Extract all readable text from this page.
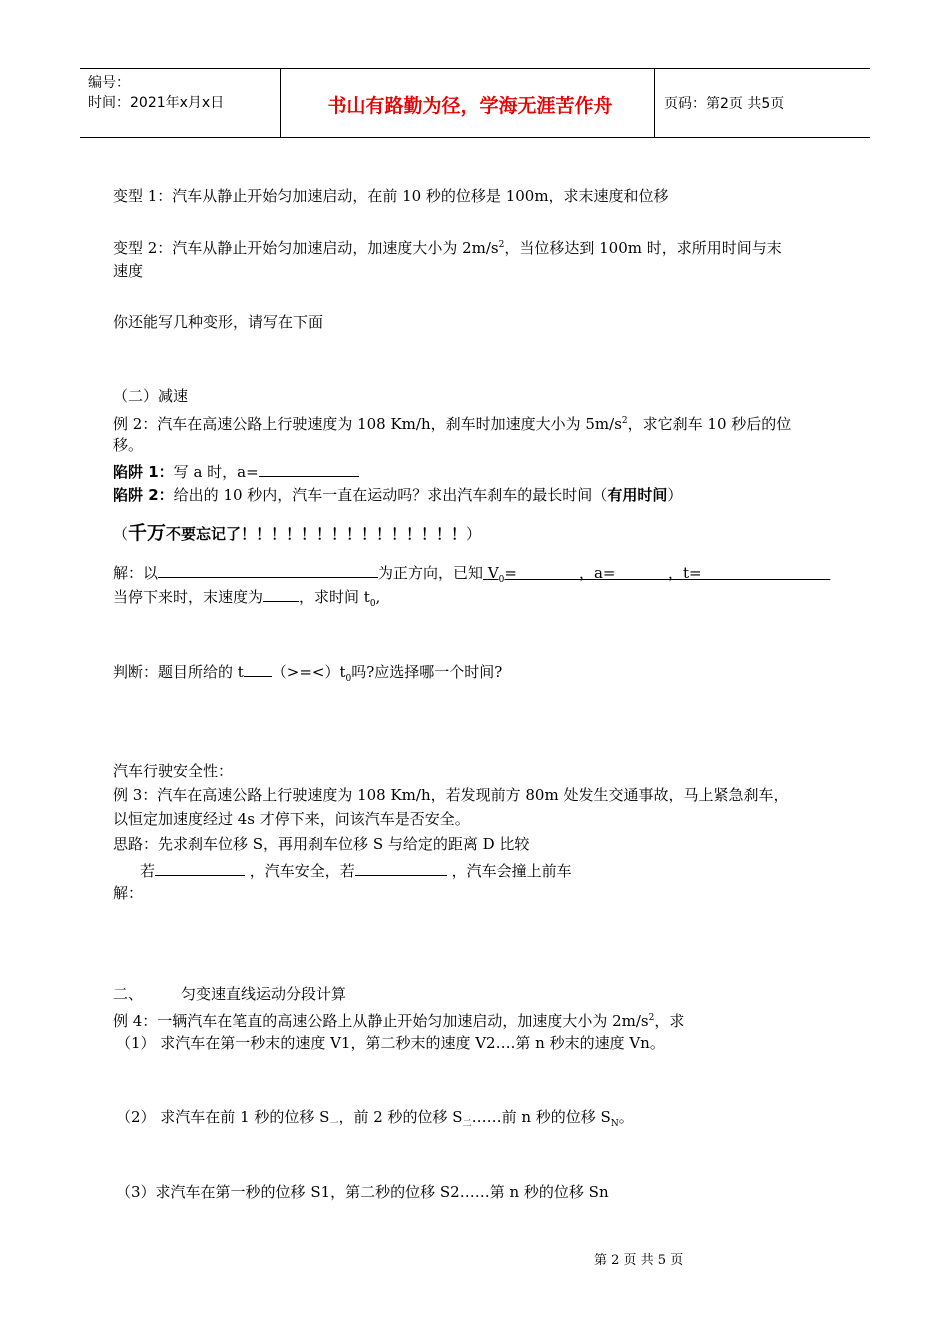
编号：
时间：2021年x月x日	书山有路勤为径，学海无涯苦作舟	页码：第2页 共5页
变型 1：汽车从静止开始匀加速启动，在前 10 秒的位移是 100m，求末速度和位移
变型 2：汽车从静止开始匀加速启动，加速度大小为 $2m/s^2$，当位移达到 100m 时，求所用时间与末
速度
你还能写几种变形，请写在下面
（二）减速
例 2：汽车在高速公路上行驶速度为 108 Km/h，刹车时加速度大小为 $5m/s^2$，求它刹车 10 秒后的位
移。
陷阱 1：写 a 时，a=
陷阱 2：给出的 10 秒内，汽车一直在运动吗？求出汽车刹车的最长时间（有用时间）
（千万不要忘记了！！！！！！！！！！！！！！！）
解：以	为正方向，已知 $V_0=$	，a=	，t=
当停下来时，末速度为 ，求时间 $t_0$,
判断：题目所给的 t $(>=<)t_0$吗?应选择哪一个时间?
汽车行驶安全性：
例 3：汽车在高速公路上行驶速度为 108 Km/h，若发现前方 80m 处发生交通事故，马上紧急刹车，
以恒定加速度经过 4s 才停下来，问该汽车是否安全。
思路：先求刹车位移 S，再用刹车位移 S 与给定的距离 D 比较
若	，汽车安全，若	，汽车会撞上前车
解：
二、	匀变速直线运动分段计算
例 4：一辆汽车在笔直的高速公路上从静止开始匀加速启动，加速度大小为 $2m/s^2$，求
（1） 求汽车在第一秒末的速度 V1，第二秒末的速度 V2….第 n 秒末的速度 Vn。
（2） 求汽车在前 1 秒的位移 $S_一$，前 2 秒的位移 $S_二\dots\dots$前 n 秒的位移 $S_N$。
（3）求汽车在第一秒的位移 S1，第二秒的位移 S2……第 n 秒的位移 Sn
第 2 页 共 5 页
